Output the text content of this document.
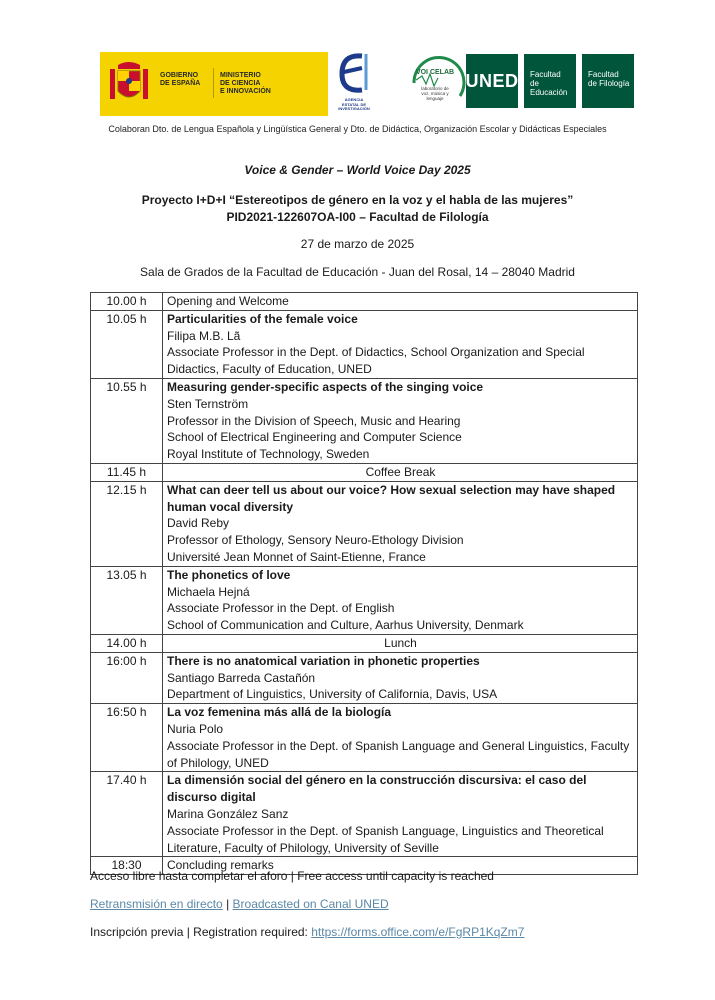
GOBIERNO
DE ESPAÑA
MINISTERIO
DE CIENCIA
E INNOVACIÓN
AGENCIA
ESTATAL DE
INVESTIGACIÓN
VOI CELAB
laboratorio de
voz, música y
lenguaje
UNED	Facultad
de Educación
Facultad
de Filología
Colaboran Dto. de Lengua Española y Lingüística General y Dto. de Didáctica, Organización Escolar y Didácticas Especiales
Voice & Gender – World Voice Day 2025
Proyecto I+D+I “Estereotipos de género en la voz y el habla de las mujeres”
PID2021-122607OA-I00 – Facultad de Filología
27 de marzo de 2025
Sala de Grados de la Facultad de Educación - Juan del Rosal, 14 – 28040 Madrid
10.00 h	Opening and Welcome
10.05 h	Particularities of the female voice
Filipa M.B. Lã
Associate Professor in the Dept. of Didactics, School Organization and Special Didactics, Faculty of Education, UNED

10.55 h	Measuring gender-specific aspects of the singing voice
Sten Ternström
Professor in the Division of Speech, Music and Hearing
School of Electrical Engineering and Computer Science
Royal Institute of Technology, Sweden

11.45 h	Coffee Break
12.15 h	What can deer tell us about our voice? How sexual selection may have shaped human vocal diversity
David Reby
Professor of Ethology, Sensory Neuro-Ethology Division
Université Jean Monnet of Saint-Etienne, France

13.05 h	The phonetics of love
Michaela Hejná
Associate Professor in the Dept. of English
School of Communication and Culture, Aarhus University, Denmark

14.00 h	Lunch
16:00 h	There is no anatomical variation in phonetic properties
Santiago Barreda Castañón
Department of Linguistics, University of California, Davis, USA

16:50 h	La voz femenina más allá de la biología
Nuria Polo
Associate Professor in the Dept. of Spanish Language and General Linguistics, Faculty of Philology, UNED

17.40 h	La dimensión social del género en la construcción discursiva: el caso del discurso digital
Marina González Sanz
Associate Professor in the Dept. of Spanish Language, Linguistics and Theoretical Literature, Faculty of Philology, University of Seville

18:30	Concluding remarks
Acceso libre hasta completar el aforo | Free access until capacity is reached
Retransmisión en directo | Broadcasted on Canal UNED
Inscripción previa | Registration required: https://forms.office.com/e/FgRP1KqZm7
